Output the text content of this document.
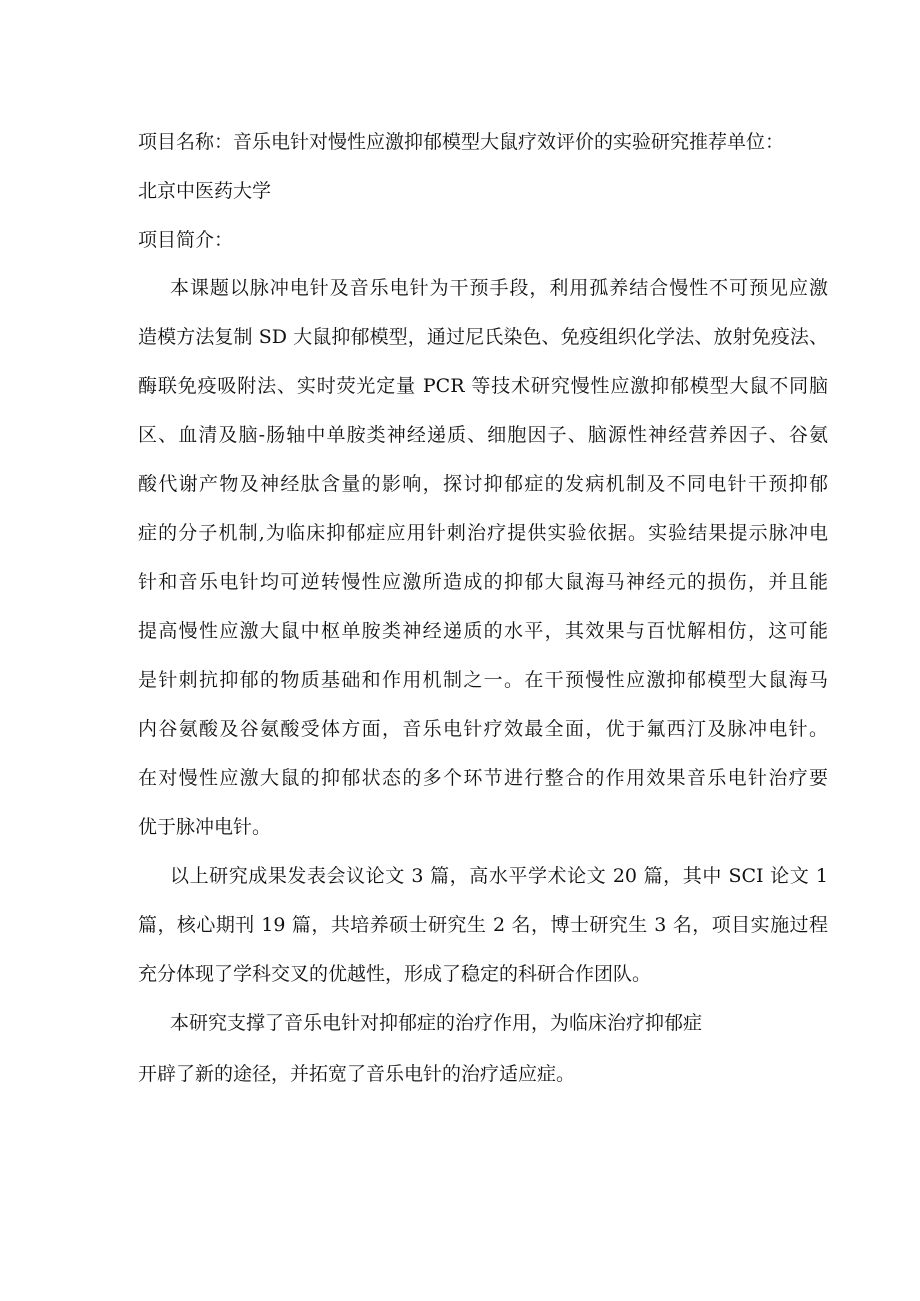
项目名称：音乐电针对慢性应激抑郁模型大鼠疗效评价的实验研究推荐单位：
北京中医药大学
项目简介：
本课题以脉冲电针及音乐电针为干预手段，利用孤养结合慢性不可预见应激
造模方法复制 SD 大鼠抑郁模型，通过尼氏染色、免疫组织化学法、放射免疫法、
酶联免疫吸附法、实时荧光定量 PCR 等技术研究慢性应激抑郁模型大鼠不同脑
区、血清及脑-肠轴中单胺类神经递质、细胞因子、脑源性神经营养因子、谷氨
酸代谢产物及神经肽含量的影响，探讨抑郁症的发病机制及不同电针干预抑郁
症的分子机制,为临床抑郁症应用针刺治疗提供实验依据。实验结果提示脉冲电
针和音乐电针均可逆转慢性应激所造成的抑郁大鼠海马神经元的损伤，并且能
提高慢性应激大鼠中枢单胺类神经递质的水平，其效果与百忧解相仿，这可能
是针刺抗抑郁的物质基础和作用机制之一。在干预慢性应激抑郁模型大鼠海马
内谷氨酸及谷氨酸受体方面，音乐电针疗效最全面，优于氟西汀及脉冲电针。
在对慢性应激大鼠的抑郁状态的多个环节进行整合的作用效果音乐电针治疗要
优于脉冲电针。
以上研究成果发表会议论文 3 篇，高水平学术论文 20 篇，其中 SCI 论文 1
篇，核心期刊 19 篇，共培养硕士研究生 2 名，博士研究生 3 名，项目实施过程
充分体现了学科交叉的优越性，形成了稳定的科研合作团队。
本研究支撑了音乐电针对抑郁症的治疗作用，为临床治疗抑郁症
开辟了新的途径，并拓宽了音乐电针的治疗适应症。
